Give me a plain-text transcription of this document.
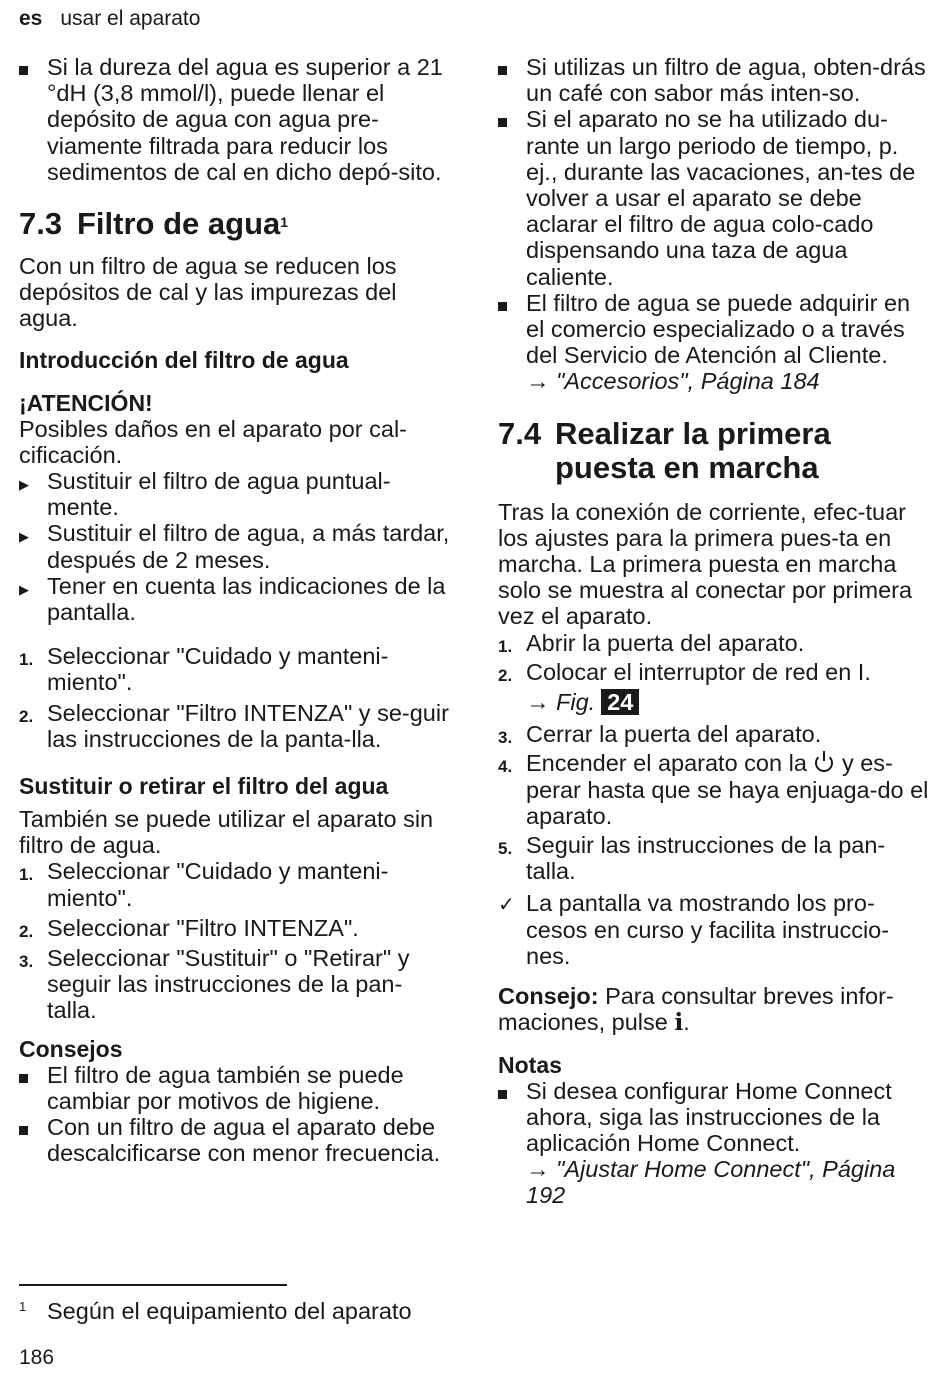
es usar el aparato
Si la dureza del agua es superior a 21 °dH (3,8 mmol/l), puede llenar el depósito de agua con agua pre-viamente filtrada para reducir los sedimentos de cal en dicho depó-sito.
7.3 Filtro de agua$^1$

Con un filtro de agua se reducen los depósitos de cal y las impurezas del agua.

Introducción del filtro de agua
¡ATENCIÓN!

Posibles daños en el aparato por cal-cificación.

▶ Sustituir el filtro de agua puntual-mente.
▶ Sustituir el filtro de agua, a más tardar, después de 2 meses.
▶ Tener en cuenta las indicaciones de la pantalla.
1. Seleccionar "Cuidado y manteni-miento".
2. Seleccionar "Filtro INTENZA" y se-guir las instrucciones de la panta-lla.
Sustituir o retirar el filtro del agua

También se puede utilizar el aparato sin filtro de agua.

1. Seleccionar "Cuidado y manteni-miento".
2. Seleccionar "Filtro INTENZA".
3. Seleccionar "Sustituir" o "Retirar" y seguir las instrucciones de la pan-talla.
Consejos
El filtro de agua también se puede cambiar por motivos de higiene.
Con un filtro de agua el aparato debe descalcificarse con menor frecuencia.
Si utilizas un filtro de agua, obten-drás un café con sabor más inten-so.
Si el aparato no se ha utilizado du-rante un largo periodo de tiempo, p. ej., durante las vacaciones, an-tes de volver a usar el aparato se debe aclarar el filtro de agua colo-cado dispensando una taza de agua caliente.
El filtro de agua se puede adquirir en el comercio especializado o a través del Servicio de Atención al Cliente.
→ "Accesorios", Página 184
7.4 Realizar la primera puesta en marcha

Tras la conexión de corriente, efec-tuar los ajustes para la primera pues-ta en marcha. La primera puesta en marcha solo se muestra al conectar por primera vez el aparato.

1. Abrir la puerta del aparato.
2. Colocar el interruptor de red en I.
→ Fig. 24
3. Cerrar la puerta del aparato.
4. Encender el aparato con la y es-perar hasta que se haya enjuaga-do el aparato.
5. Seguir las instrucciones de la pan-talla.
✓ La pantalla va mostrando los pro-cesos en curso y facilita instruccio-nes.

Consejo: Para consultar breves infor-maciones, pulse i.

Notas
Si desea configurar Home Connect ahora, siga las instrucciones de la aplicación Home Connect.
→ "Ajustar Home Connect", Página 192
1 Según el equipamiento del aparato
186
